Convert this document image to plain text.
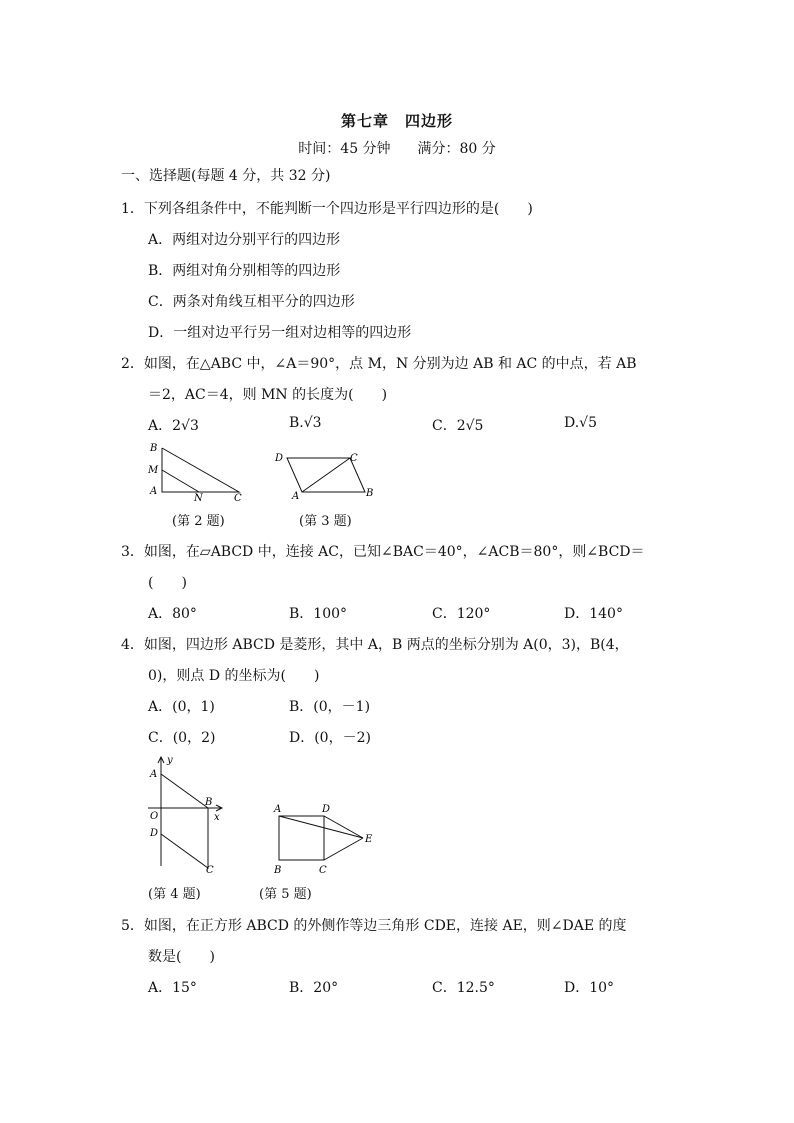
第七章　四边形
时间：45 分钟 满分：80 分
一、选择题(每题 4 分，共 32 分)
1．下列各组条件中，不能判断一个四边形是平行四边形的是(　　)
A．两组对边分别平行的四边形
B．两组对角分别相等的四边形
C．两条对角线互相平分的四边形
D．一组对边平行另一组对边相等的四边形
2．如图，在△ABC 中，∠A＝90°，点 M，N 分别为边 AB 和 AC 的中点，若 AB
＝2，AC＝4，则 MN 的长度为(　　)
A．2√3	B.√3	C．2√5	D.√5
B
M
A
N	C
(第 2 题)
D	C
A	B
(第 3 题)
3．如图，在▱ABCD 中，连接 AC，已知∠BAC＝40°，∠ACB＝80°，则∠BCD＝
(　　)
A．80°	B．100°	C．120°	D．140°
4．如图，四边形 ABCD 是菱形，其中 A，B 两点的坐标分别为 A(0，3)，B(4，
0)，则点 D 的坐标为(　　)
A．(0，1)	B．(0，－1)
C．(0，2)	D．(0，－2)
y
A
B
x
O
D
C
(第 4 题)
A	D
E
B	C
(第 5 题)
5．如图，在正方形 ABCD 的外侧作等边三角形 CDE，连接 AE，则∠DAE 的度
数是(　　)
A．15°	B．20°	C．12.5°	D．10°
